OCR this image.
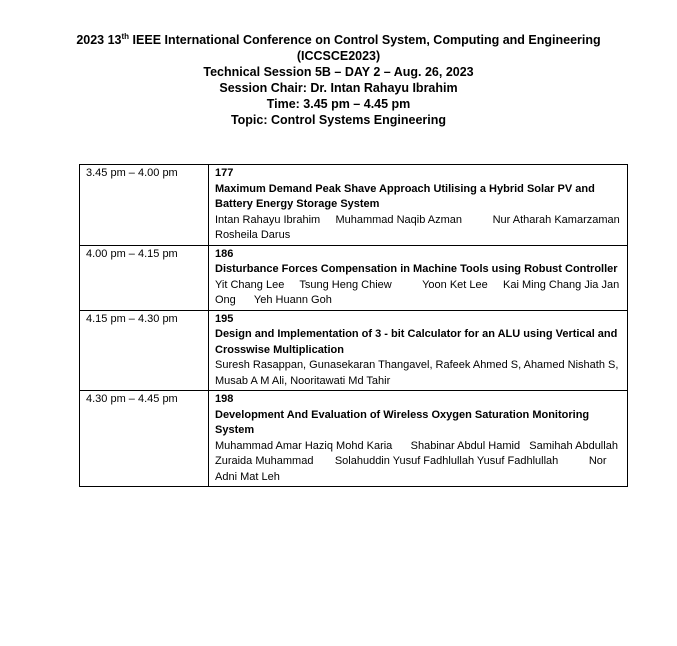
2023 13th IEEE International Conference on Control System, Computing and Engineering
(ICCSCE2023)
Technical Session 5B – DAY 2 – Aug. 26, 2023
Session Chair: Dr. Intan Rahayu Ibrahim
Time: 3.45 pm – 4.45 pm
Topic: Control Systems Engineering
3.45 pm – 4.00 pm	177
Maximum Demand Peak Shave Approach Utilising a Hybrid Solar PV and Battery Energy Storage System
Intan Rahayu Ibrahim     Muhammad Naqib Azman          Nur Atharah Kamarzaman     Rosheila Darus

4.00 pm – 4.15 pm	186
Disturbance Forces Compensation in Machine Tools using Robust Controller
Yit Chang Lee     Tsung Heng Chiew          Yoon Ket Lee     Kai Ming Chang Jia Jan Ong      Yeh Huann Goh

4.15 pm – 4.30 pm	195
Design and Implementation of 3 - bit Calculator for an ALU using Vertical and Crosswise Multiplication
Suresh Rasappan, Gunasekaran Thangavel, Rafeek Ahmed S, Ahamed Nishath S, Musab A M Ali, Nooritawati Md Tahir

4.30 pm – 4.45 pm	198
Development And Evaluation of Wireless Oxygen Saturation Monitoring System
Muhammad Amar Haziq Mohd Karia      Shabinar Abdul Hamid   Samihah Abdullah          Zuraida Muhammad       Solahuddin Yusuf Fadhlullah Yusuf Fadhlullah          Nor Adni Mat Leh
